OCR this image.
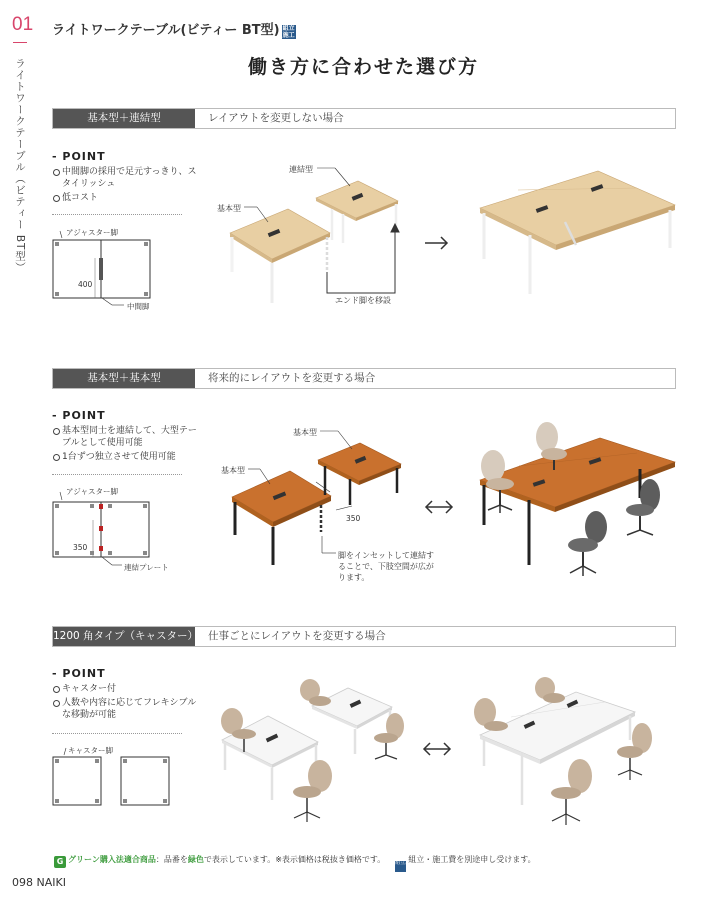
01
ライトワークテーブル（ビティー BT型）
ライトワークテーブル(ビティー BT型) 組立施工
働き方に合わせた選び方
基本型＋連結型	レイアウトを変更しない場合
- POINT
中間脚の採用で足元すっきり、スタイリッシュ
低コスト
アジャスター脚
400
中間脚
連結型
基本型
エンド脚を移設
基本型＋基本型	将来的にレイアウトを変更する場合
- POINT
基本型同士を連結して、大型テーブルとして使用可能
1台ずつ独立させて使用可能
アジャスター脚
350
連結プレート
基本型
基本型
350
脚をインセットして連結することで、下肢空間が広がります。
1200 角タイプ（キャスター） 仕事ごとにレイアウトを変更する場合
- POINT
キャスター付
人数や内容に応じてフレキシブルな移動が可能
キャスター脚
G グリーン購入法適合商品：品番を緑色で表示しています。※表示価格は税抜き価格です。 組立施工組立・施工費を別途申し受けます。
098 NAIKI
